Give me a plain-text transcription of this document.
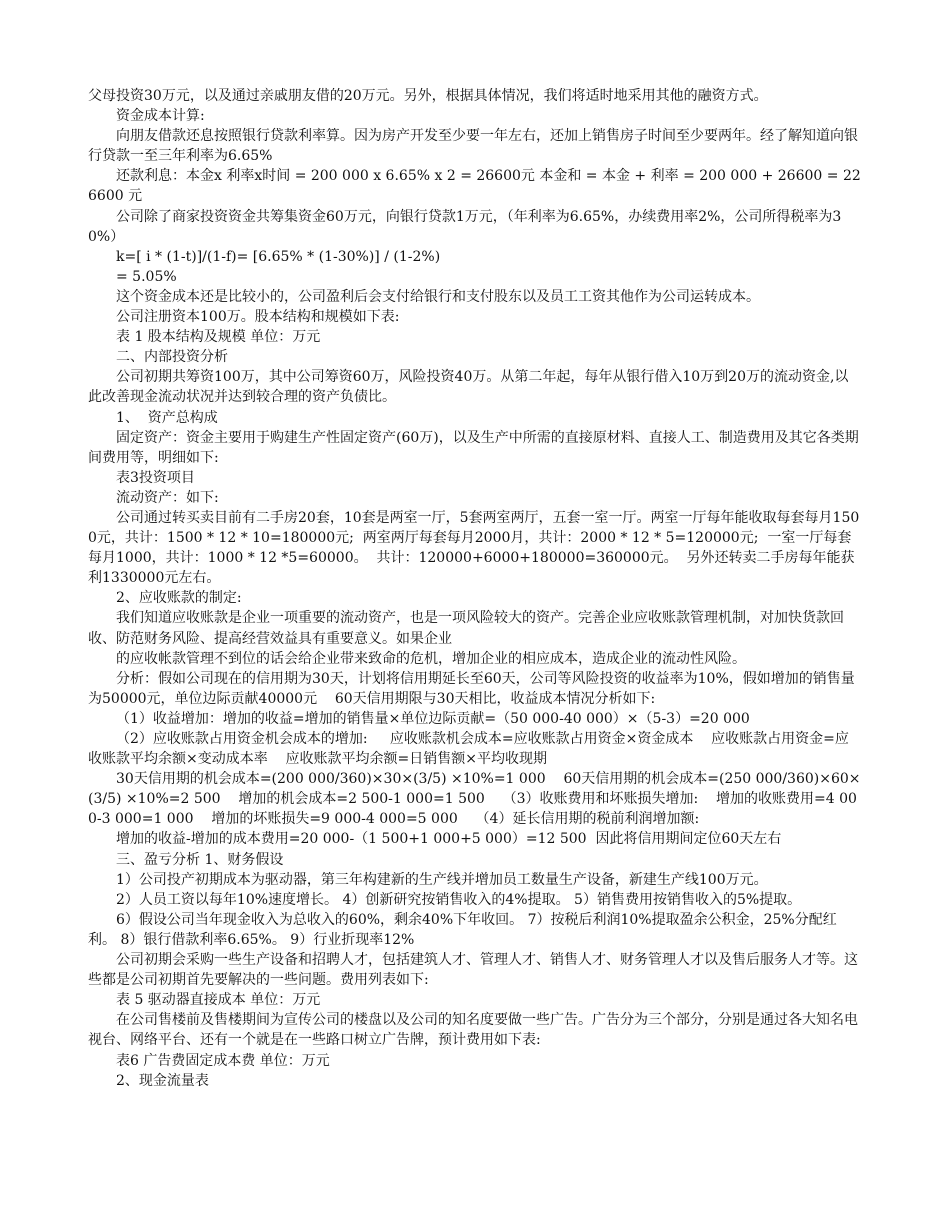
父母投资30万元，以及通过亲戚朋友借的20万元。另外，根据具体情况，我们将适时地采用其他的融资方式。

资金成本计算:

向朋友借款还息按照银行贷款利率算。因为房产开发至少要一年左右，还加上销售房子时间至少要两年。经了解知道向银行贷款一至三年利率为6.65%

还款利息：本金x 利率x时间 = 200 000 x 6.65% x 2 = 26600元 本金和 = 本金 + 利率 = 200 000 + 26600 = 226600 元

公司除了商家投资资金共筹集资金60万元，向银行贷款1万元，（年利率为6.65%，办续费用率2%，公司所得税率为30%）

k=[ i * (1-t)]/(1-f)= [6.65% * (1-30%)] / (1-2%)

= 5.05%

这个资金成本还是比较小的，公司盈利后会支付给银行和支付股东以及员工工资其他作为公司运转成本。

公司注册资本100万。股本结构和规模如下表:

表 1 股本结构及规模 单位：万元

二、内部投资分析

公司初期共筹资100万，其中公司筹资60万，风险投资40万。从第二年起，每年从银行借入10万到20万的流动资金,以此改善现金流动状况并达到较合理的资产负债比。

1、  资产总构成

固定资产：资金主要用于购建生产性固定资产(60万)，以及生产中所需的直接原材料、直接人工、制造费用及其它各类期间费用等，明细如下:

表3投资项目

流动资产：如下:

公司通过转买卖目前有二手房20套，10套是两室一厅，5套两室两厅，五套一室一厅。两室一厅每年能收取每套每月1500元，共计：1500 * 12 * 10=180000元;  两室两厅每套每月2000月，共计：2000 * 12 * 5=120000元;  一室一厅每套每月1000，共计：1000 * 12 *5=60000。  共计：120000+6000+180000=360000元。  另外还转卖二手房每年能获利1330000元左右。

2、应收账款的制定:

我们知道应收账款是企业一项重要的流动资产，也是一项风险较大的资产。完善企业应收账款管理机制，对加快货款回收、防范财务风险、提高经营效益具有重要意义。如果企业

的应收帐款管理不到位的话会给企业带来致命的危机，增加企业的相应成本，造成企业的流动性风险。

分析：假如公司现在的信用期为30天，计划将信用期延长至60天，公司等风险投资的收益率为10%，假如增加的销售量为50000元，单位边际贡献40000元    60天信用期限与30天相比，收益成本情况分析如下:

（1）收益增加：增加的收益=增加的销售量×单位边际贡献=（50 000-40 000）×（5-3）=20 000

（2）应收账款占用资金机会成本的增加:     应收账款机会成本=应收账款占用资金×资金成本    应收账款占用资金=应收账款平均余额×变动成本率    应收账款平均余额=日销售额×平均收现期

30天信用期的机会成本=(200 000/360)×30×(3/5) ×10%=1 000    60天信用期的机会成本=(250 000/360)×60×(3/5) ×10%=2 500    增加的机会成本=2 500-1 000=1 500    （3）收账费用和坏账损失增加:    增加的收账费用=4 000-3 000=1 000    增加的坏账损失=9 000-4 000=5 000    （4）延长信用期的税前利润增加额:

增加的收益-增加的成本费用=20 000-（1 500+1 000+5 000）=12 500  因此将信用期间定位60天左右

三、盈亏分析 1、财务假设

1）公司投产初期成本为驱动器，第三年构建新的生产线并增加员工数量生产设备，新建生产线100万元。

2）人员工资以每年10%速度增长。 4）创新研究按销售收入的4%提取。 5）销售费用按销售收入的5%提取。

6）假设公司当年现金收入为总收入的60%，剩余40%下年收回。 7）按税后利润10%提取盈余公积金，25%分配红利。 8）银行借款利率6.65%。 9）行业折现率12%

公司初期会采购一些生产设备和招聘人才，包括建筑人才、管理人才、销售人才、财务管理人才以及售后服务人才等。这些都是公司初期首先要解决的一些问题。费用列表如下:

表 5 驱动器直接成本 单位：万元

在公司售楼前及售楼期间为宣传公司的楼盘以及公司的知名度要做一些广告。广告分为三个部分，分别是通过各大知名电视台、网络平台、还有一个就是在一些路口树立广告牌，预计费用如下表:

表6 广告费固定成本费 单位：万元

2、现金流量表
